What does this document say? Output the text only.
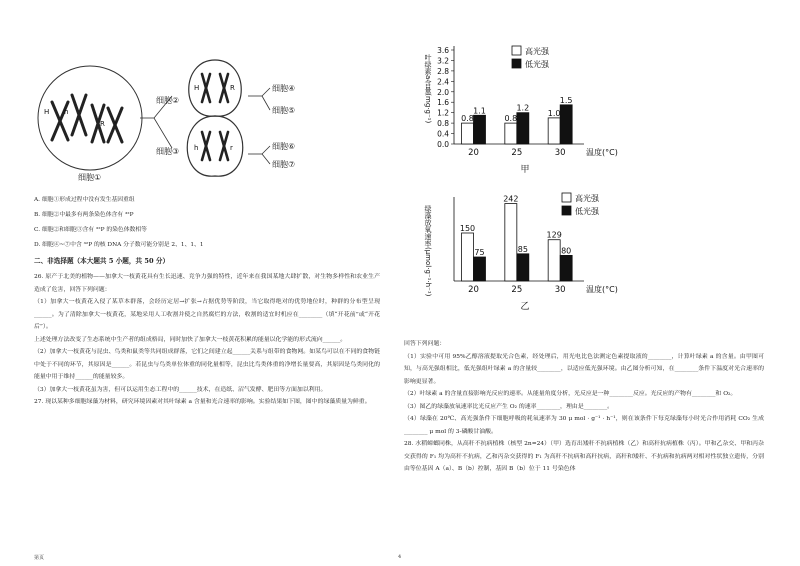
H h
R r
细胞①
细胞②
细胞③
H	R
h	r
细胞④
细胞⑤
细胞⑥
细胞⑦
A. 细胞①形成过程中没有发生基因重组
B. 细胞②中最多有两条染色体含有 ³²P
C. 细胞②和细胞③含有 ³²P 的染色体数相等
D. 细胞④~⑦中含 ³²P 的核 DNA 分子数可能分别是 2、1、1、1
二、非选择题（本大题共 5 小题，共 50 分）
26. 原产于北美的植物——加拿大一枝黄花具有生长迅速、竞争力强的特性，近年来在我国某地大肆扩散，对生物多样性和农业生产造成了危害，回答下列问题：
（1）加拿大一枝黄花入侵了某草本群落，会经历定居→扩张→占据优势等阶段，当它取得绝对的优势地位时，种群的分布型呈现______。为了清除加拿大一枝黄花，某地采用人工收割并使之自然腐烂的方法，收割的适宜时机应在________（填“开花前”或“开花后”）。
上述处理方法改变了生态系统中生产者的组成格局，同时加快了加拿大一枝黄花积累的能量以化学能的形式流向______。
（2）加拿大一枝黄花与昆虫、鸟类和鼠类等共同组成群落，它们之间建立起______关系与组带的食物网。如某鸟可以在不同的食物链中处于不同的环节，其原因是______。若昆虫与鸟类单位体重的同化量相等，昆虫比鸟类体重的净增长量要高，其原因是鸟类同化的能量中用于维持______的能量较多。
（3）加拿大一枝黄花虽为害，但可以运用生态工程中的______技术，在造纸、沼气发酵、肥田等方面加以利用。
27. 现以某种多细胞绿藻为材料，研究环境因素对其叶绿素 a 含量和光合速率的影响。实验结果如下图，图中的绿藻质量为鲜重。
叶绿素a含量(mg·g⁻¹)
0.0
0.4
0.8
1.2
1.6
2.0
2.4
2.8
3.2
3.6
0.8
1.1
20
0.8
1.2
25
1.0
1.5
30	温度(°C)
高光强
低光强
甲
绿藻放氧速率(μmol·g⁻¹·h⁻¹)	150
75
20
242
85
25
129
80
30	温度(°C)
高光强
低光强
乙
回答下列问题：
（1）实验中可用 95%乙醇溶液提取光合色素，经处理后，用光电比色法测定色素提取液的________，计算叶绿素 a 的含量。由甲图可知，与高光强组相比，低光强组叶绿素 a 的含量较________，以适应低光强环境。由乙图分析可知，在________条件下温度对光合速率的影响更显著。
（2）叶绿素 a 的含量直接影响光反应的速率。从能量角度分析，光反应是一种________反应。光反应的产物有________和 O₂。
（3）图乙的绿藻放氧速率比光反应产生 O₂ 的速率________，理由是________。
（4）绿藻在 20℃、高光强条件下细胞呼吸的耗氧速率为 30 μ mol · g⁻¹ · h⁻¹，则在该条件下每克绿藻每小时光合作用消耗 CO₂ 生成________ μ mol 的 3-磷酸甘油酸。
28. 水稻蟑螂同株，从高秆不抗病植株（核型 2n=24）（甲）选育出矮秆不抗病植株（乙）和高秆抗病植株（丙）。甲和乙杂交、甲和丙杂交获得的 F₁ 均为高秆不抗病，乙和丙杂交获得的 F₁ 为高秆不抗病和高秆抗病，高秆和矮秆、不抗病和抗病两对相对性状独立遗传，分别由等位基因 A（a）、B（b）控制，基因 B（b）位于 11 号染色体
第页	4
